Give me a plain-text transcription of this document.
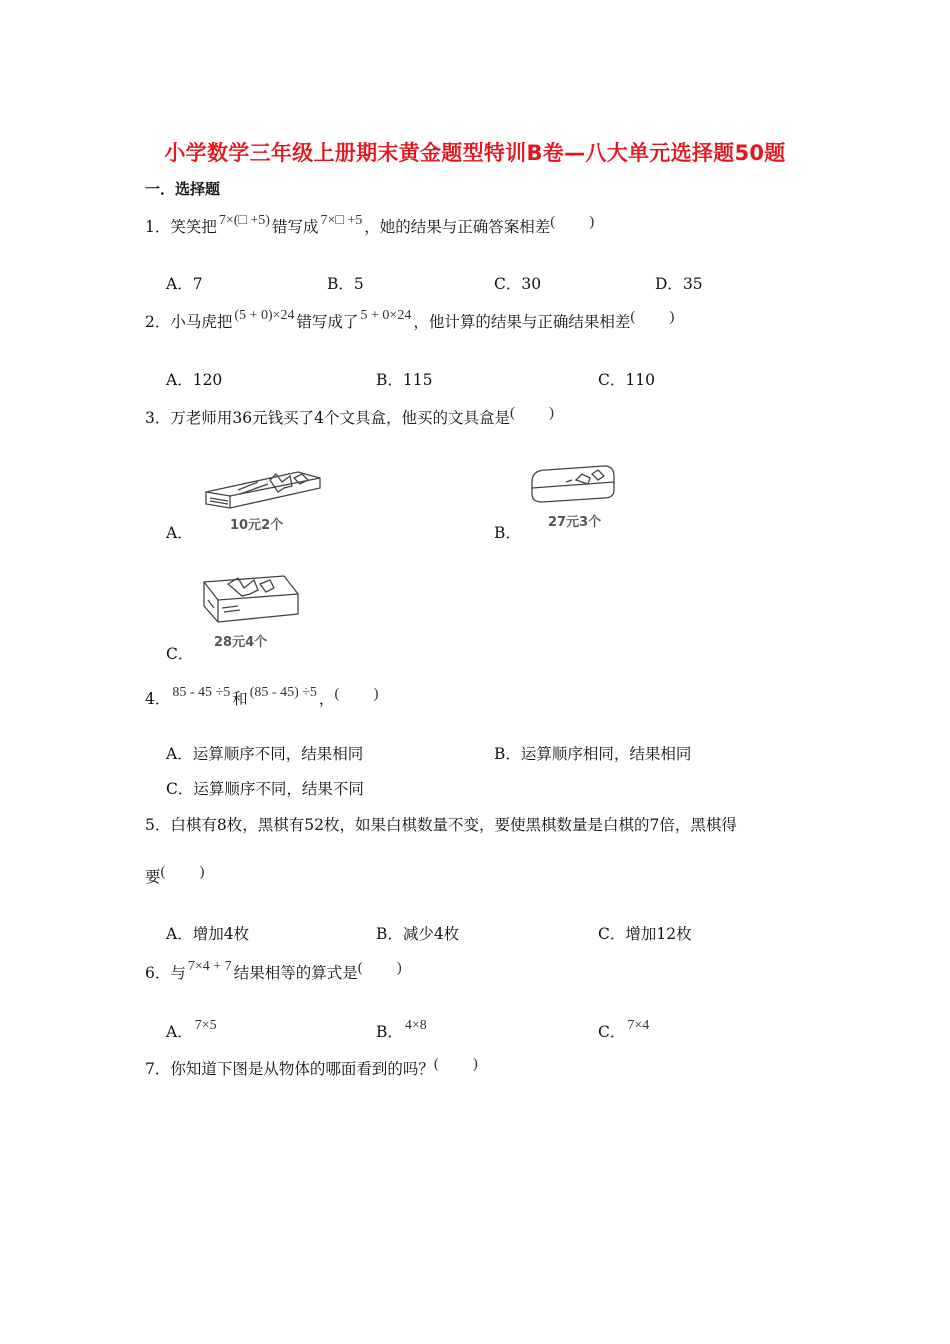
小学数学三年级上册期末黄金题型特训B卷—八大单元选择题50题
一．选择题
1．笑笑把 7×(□ +5) 错写成 7×□ +5 ，她的结果与正确答案相差( )
A．7	B．5	C．30	D．35
2．小马虎把 (5 + 0)×24 错写成了 5 + 0×24 ，他计算的结果与正确结果相差( )
A．120	B．115	C．110
3．万老师用36元钱买了4个文具盒，他买的文具盒是( )
A．	10元2个	B．
27元3个
C．
28元4个
4． 85 - 45 ÷5 和 (85 - 45) ÷5 ，( )
A．运算顺序不同，结果相同	B．运算顺序相同，结果相同
C．运算顺序不同，结果不同
5．白棋有8枚，黑棋有52枚，如果白棋数量不变，要使黑棋数量是白棋的7倍，黑棋得
要( )
A．增加4枚	B．减少4枚	C．增加12枚
6．与 7×4 + 7 结果相等的算式是( )
A． 7×5	B． 4×8	C． 7×4
7．你知道下图是从物体的哪面看到的吗？( )
